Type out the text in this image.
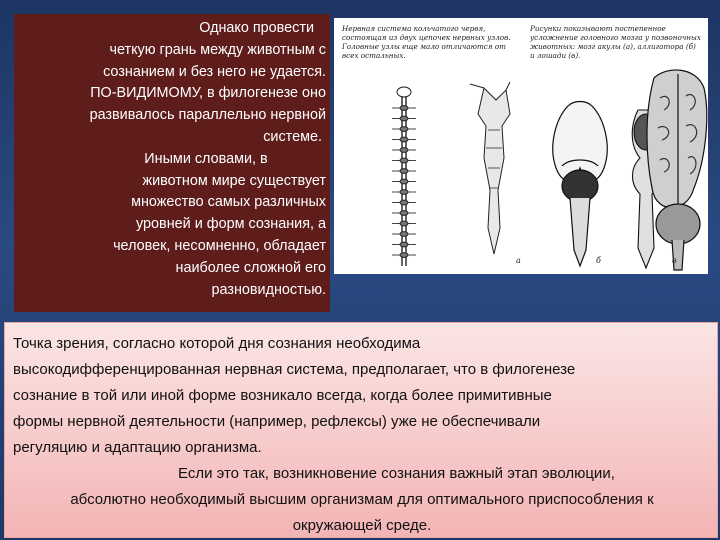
Однако провести

четкую грань между животным с

сознанием и без него не удается.

ПО-ВИДИМОМУ, в филогенезе оно

развивалось параллельно нервной

системе.

Иными словами, в

животном мире существует

множество самых различных

уровней и форм сознания, а

человек, несомненно, обладает

наиболее сложной его

разновидностью.

Нервная система кольчатого червя, состоящая из двух цепочек нервных узлов. Головные узлы еще мало отличаются от всех остальных.
Рисунки показывают постепенное усложнение головного мозга у позвоночных животных: мозг акулы (а), аллигатора (б) и лошади (в).
а	б	в

Точка зрения, согласно которой дня сознания необходима

высокодифференцированная нервная система, предполагает, что в филогенезе

сознание в той или иной форме возникало всегда, когда более примитивные

формы нервной деятельности (например, рефлексы) уже не обеспечивали

регуляцию и адаптацию организма.

Если это так, возникновение сознания важный этап эволюции,

абсолютно необходимый высшим организмам для оптимального приспособления к

окружающей среде.
